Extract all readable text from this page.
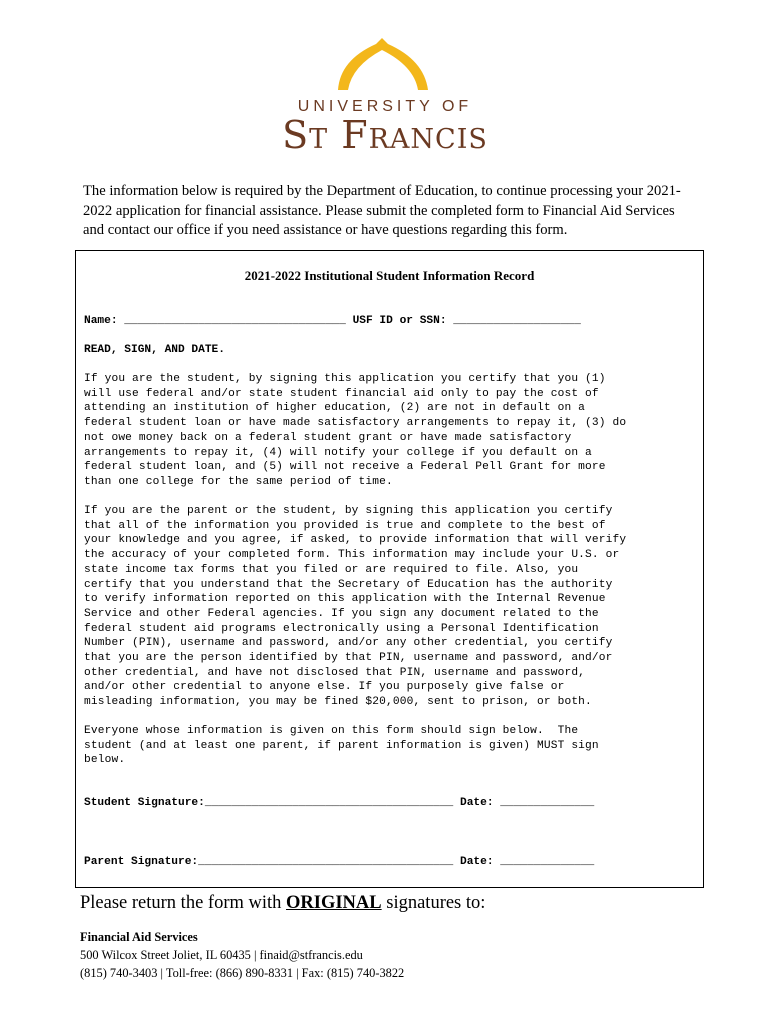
UNIVERSITY OF
St Francis
The information below is required by the Department of Education, to continue processing your 2021-2022 application for financial assistance. Please submit the completed form to Financial Aid Services and contact our office if you need assistance or have questions regarding this form.
2021-2022 Institutional Student Information Record
Name: _________________________________ USF ID or SSN: ___________________
READ, SIGN, AND DATE.
If you are the student, by signing this application you certify that you (1)
will use federal and/or state student financial aid only to pay the cost of
attending an institution of higher education, (2) are not in default on a
federal student loan or have made satisfactory arrangements to repay it, (3) do
not owe money back on a federal student grant or have made satisfactory
arrangements to repay it, (4) will notify your college if you default on a
federal student loan, and (5) will not receive a Federal Pell Grant for more
than one college for the same period of time.
If you are the parent or the student, by signing this application you certify
that all of the information you provided is true and complete to the best of
your knowledge and you agree, if asked, to provide information that will verify
the accuracy of your completed form. This information may include your U.S. or
state income tax forms that you filed or are required to file. Also, you
certify that you understand that the Secretary of Education has the authority
to verify information reported on this application with the Internal Revenue
Service and other Federal agencies. If you sign any document related to the
federal student aid programs electronically using a Personal Identification
Number (PIN), username and password, and/or any other credential, you certify
that you are the person identified by that PIN, username and password, and/or
other credential, and have not disclosed that PIN, username and password,
and/or other credential to anyone else. If you purposely give false or
misleading information, you may be fined $20,000, sent to prison, or both.
Everyone whose information is given on this form should sign below.  The
student (and at least one parent, if parent information is given) MUST sign
below.
Student Signature:_____________________________________ Date: ______________
Parent Signature:______________________________________ Date: ______________
Please return the form with ORIGINAL signatures to:
Financial Aid Services
500 Wilcox Street Joliet, IL 60435 | finaid@stfrancis.edu
(815) 740-3403 | Toll-free: (866) 890-8331 | Fax: (815) 740-3822
